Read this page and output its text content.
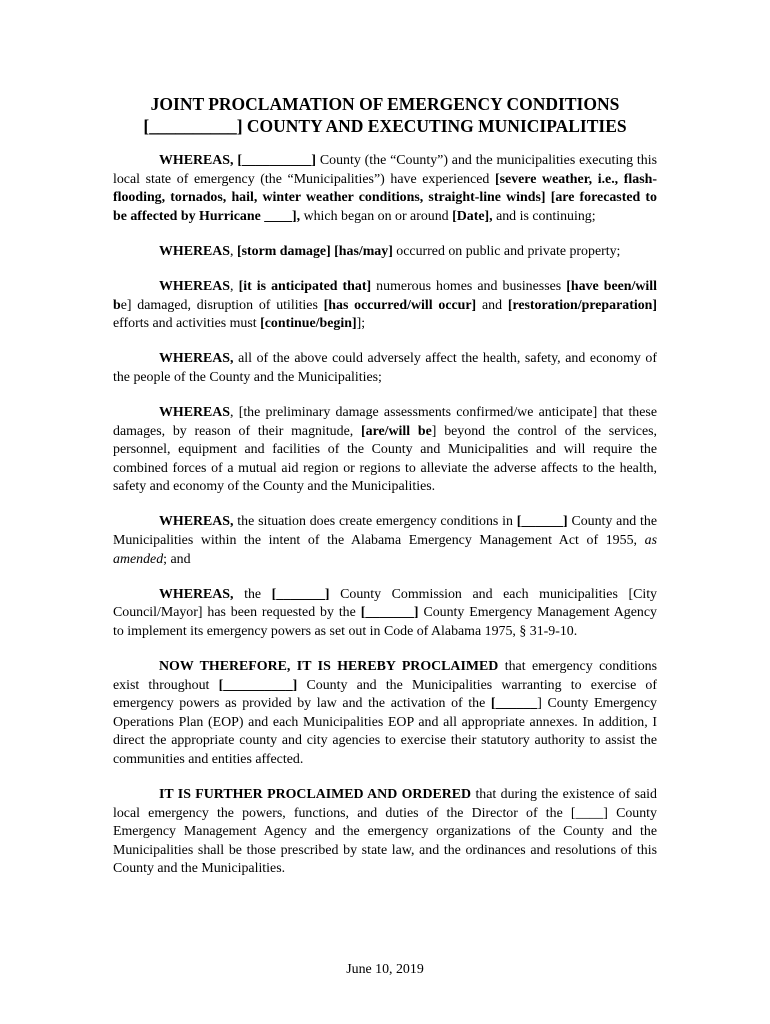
JOINT PROCLAMATION OF EMERGENCY CONDITIONS
[__________] COUNTY AND EXECUTING MUNICIPALITIES

WHEREAS, [__________] County (the “County”) and the municipalities executing this local state of emergency (the “Municipalities”) have experienced [severe weather, i.e., flash-flooding, tornados, hail, winter weather conditions, straight-line winds] [are forecasted to be affected by Hurricane ____], which began on or around [Date], and is continuing;

WHEREAS, [storm damage] [has/may] occurred on public and private property;

WHEREAS, [it is anticipated that] numerous homes and businesses [have been/will be] damaged, disruption of utilities [has occurred/will occur] and [restoration/preparation] efforts and activities must [continue/begin]];

WHEREAS, all of the above could adversely affect the health, safety, and economy of the people of the County and the Municipalities;

WHEREAS, [the preliminary damage assessments confirmed/we anticipate] that these damages, by reason of their magnitude, [are/will be] beyond the control of the services, personnel, equipment and facilities of the County and Municipalities and will require the combined forces of a mutual aid region or regions to alleviate the adverse affects to the health, safety and economy of the County and the Municipalities.

WHEREAS, the situation does create emergency conditions in [______] County and the Municipalities within the intent of the Alabama Emergency Management Act of 1955, as amended; and

WHEREAS, the [_______] County Commission and each municipalities [City Council/Mayor] has been requested by the [_______] County Emergency Management Agency to implement its emergency powers as set out in Code of Alabama 1975, § 31-9-10.

NOW THEREFORE, IT IS HEREBY PROCLAIMED that emergency conditions exist throughout [__________] County and the Municipalities warranting to exercise of emergency powers as provided by law and the activation of the [______] County Emergency Operations Plan (EOP) and each Municipalities EOP and all appropriate annexes. In addition, I direct the appropriate county and city agencies to exercise their statutory authority to assist the communities and entities affected.

IT IS FURTHER PROCLAIMED AND ORDERED that during the existence of said local emergency the powers, functions, and duties of the Director of the [____] County Emergency Management Agency and the emergency organizations of the County and the Municipalities shall be those prescribed by state law, and the ordinances and resolutions of this County and the Municipalities.

June 10, 2019
